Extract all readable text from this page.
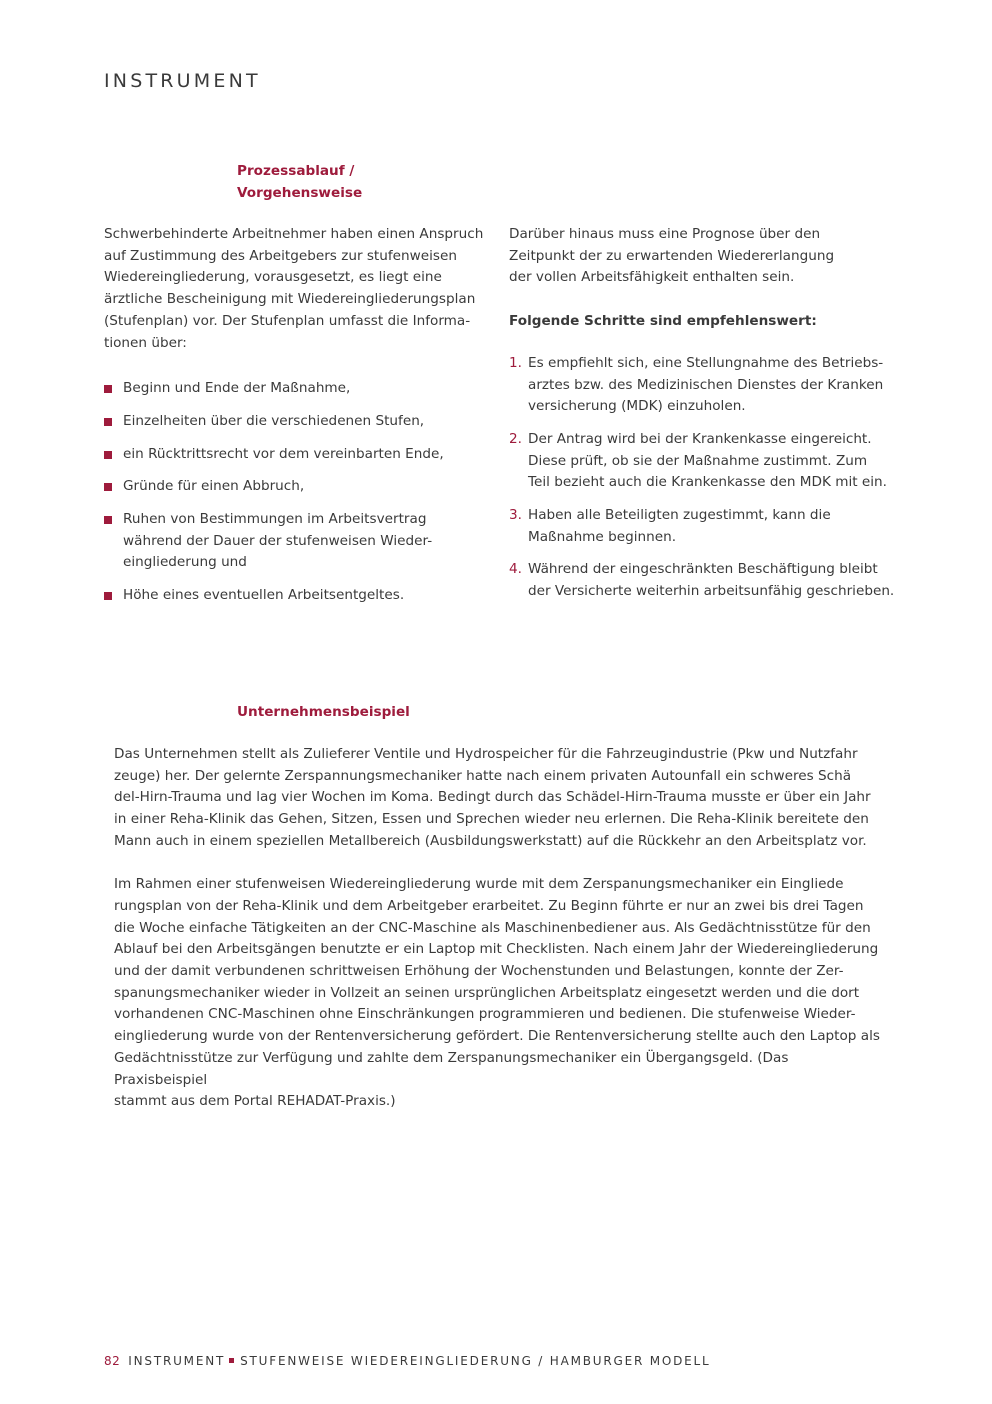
INSTRUMENT
Prozessablauf /
Vorgehensweise
Schwerbehinderte Arbeitnehmer haben einen Anspruch
auf Zustimmung des Arbeitgebers zur stufenweisen
Wiedereingliederung, vorausgesetzt, es liegt eine
ärztliche Bescheinigung mit Wiedereingliederungsplan
(Stufenplan) vor. Der Stufenplan umfasst die Informa-
tionen über:
Beginn und Ende der Maßnahme,
Einzelheiten über die verschiedenen Stufen,
ein Rücktrittsrecht vor dem vereinbarten Ende,
Gründe für einen Abbruch,
Ruhen von Bestimmungen im Arbeitsvertrag
während der Dauer der stufenweisen Wieder-
eingliederung und
Höhe eines eventuellen Arbeitsentgeltes.
Darüber hinaus muss eine Prognose über den
Zeitpunkt der zu erwartenden Wiedererlangung
der vollen Arbeitsfähigkeit enthalten sein.
Folgende Schritte sind empfehlenswert:
1. Es empfiehlt sich, eine Stellungnahme des Betriebs-
arztes bzw. des Medizinischen Dienstes der Kranken
versicherung (MDK) einzuholen.
2. Der Antrag wird bei der Krankenkasse eingereicht.
Diese prüft, ob sie der Maßnahme zustimmt. Zum
Teil bezieht auch die Krankenkasse den MDK mit ein.
3. Haben alle Beteiligten zugestimmt, kann die
Maßnahme beginnen.
4. Während der eingeschränkten Beschäftigung bleibt
der Versicherte weiterhin arbeitsunfähig geschrieben.
Unternehmensbeispiel
Das Unternehmen stellt als Zulieferer Ventile und Hydrospeicher für die Fahrzeugindustrie (Pkw und Nutzfahr
zeuge) her. Der gelernte Zerspannungsmechaniker hatte nach einem privaten Autounfall ein schweres Schä
del-Hirn-Trauma und lag vier Wochen im Koma. Bedingt durch das Schädel-Hirn-Trauma musste er über ein Jahr
in einer Reha-Klinik das Gehen, Sitzen, Essen und Sprechen wieder neu erlernen. Die Reha-Klinik bereitete den
Mann auch in einem speziellen Metallbereich (Ausbildungswerkstatt) auf die Rückkehr an den Arbeitsplatz vor.
Im Rahmen einer stufenweisen Wiedereingliederung wurde mit dem Zerspanungsmechaniker ein Eingliede
rungsplan von der Reha-Klinik und dem Arbeitgeber erarbeitet. Zu Beginn führte er nur an zwei bis drei Tagen
die Woche einfache Tätigkeiten an der CNC-Maschine als Maschinenbediener aus. Als Gedächtnisstütze für den
Ablauf bei den Arbeitsgängen benutzte er ein Laptop mit Checklisten. Nach einem Jahr der Wiedereingliederung
und der damit verbundenen schrittweisen Erhöhung der Wochenstunden und Belastungen, konnte der Zer-
spanungsmechaniker wieder in Vollzeit an seinen ursprünglichen Arbeitsplatz eingesetzt werden und die dort
vorhandenen CNC-Maschinen ohne Einschränkungen programmieren und bedienen. Die stufenweise Wieder-
eingliederung wurde von der Rentenversicherung gefördert. Die Rentenversicherung stellte auch den Laptop als
Gedächtnisstütze zur Verfügung und zahlte dem Zerspanungsmechaniker ein Übergangsgeld. (Das Praxisbeispiel
stammt aus dem Portal REHADAT-Praxis.)
82 INSTRUMENT STUFENWEISE WIEDEREINGLIEDERUNG / HAMBURGER MODELL
